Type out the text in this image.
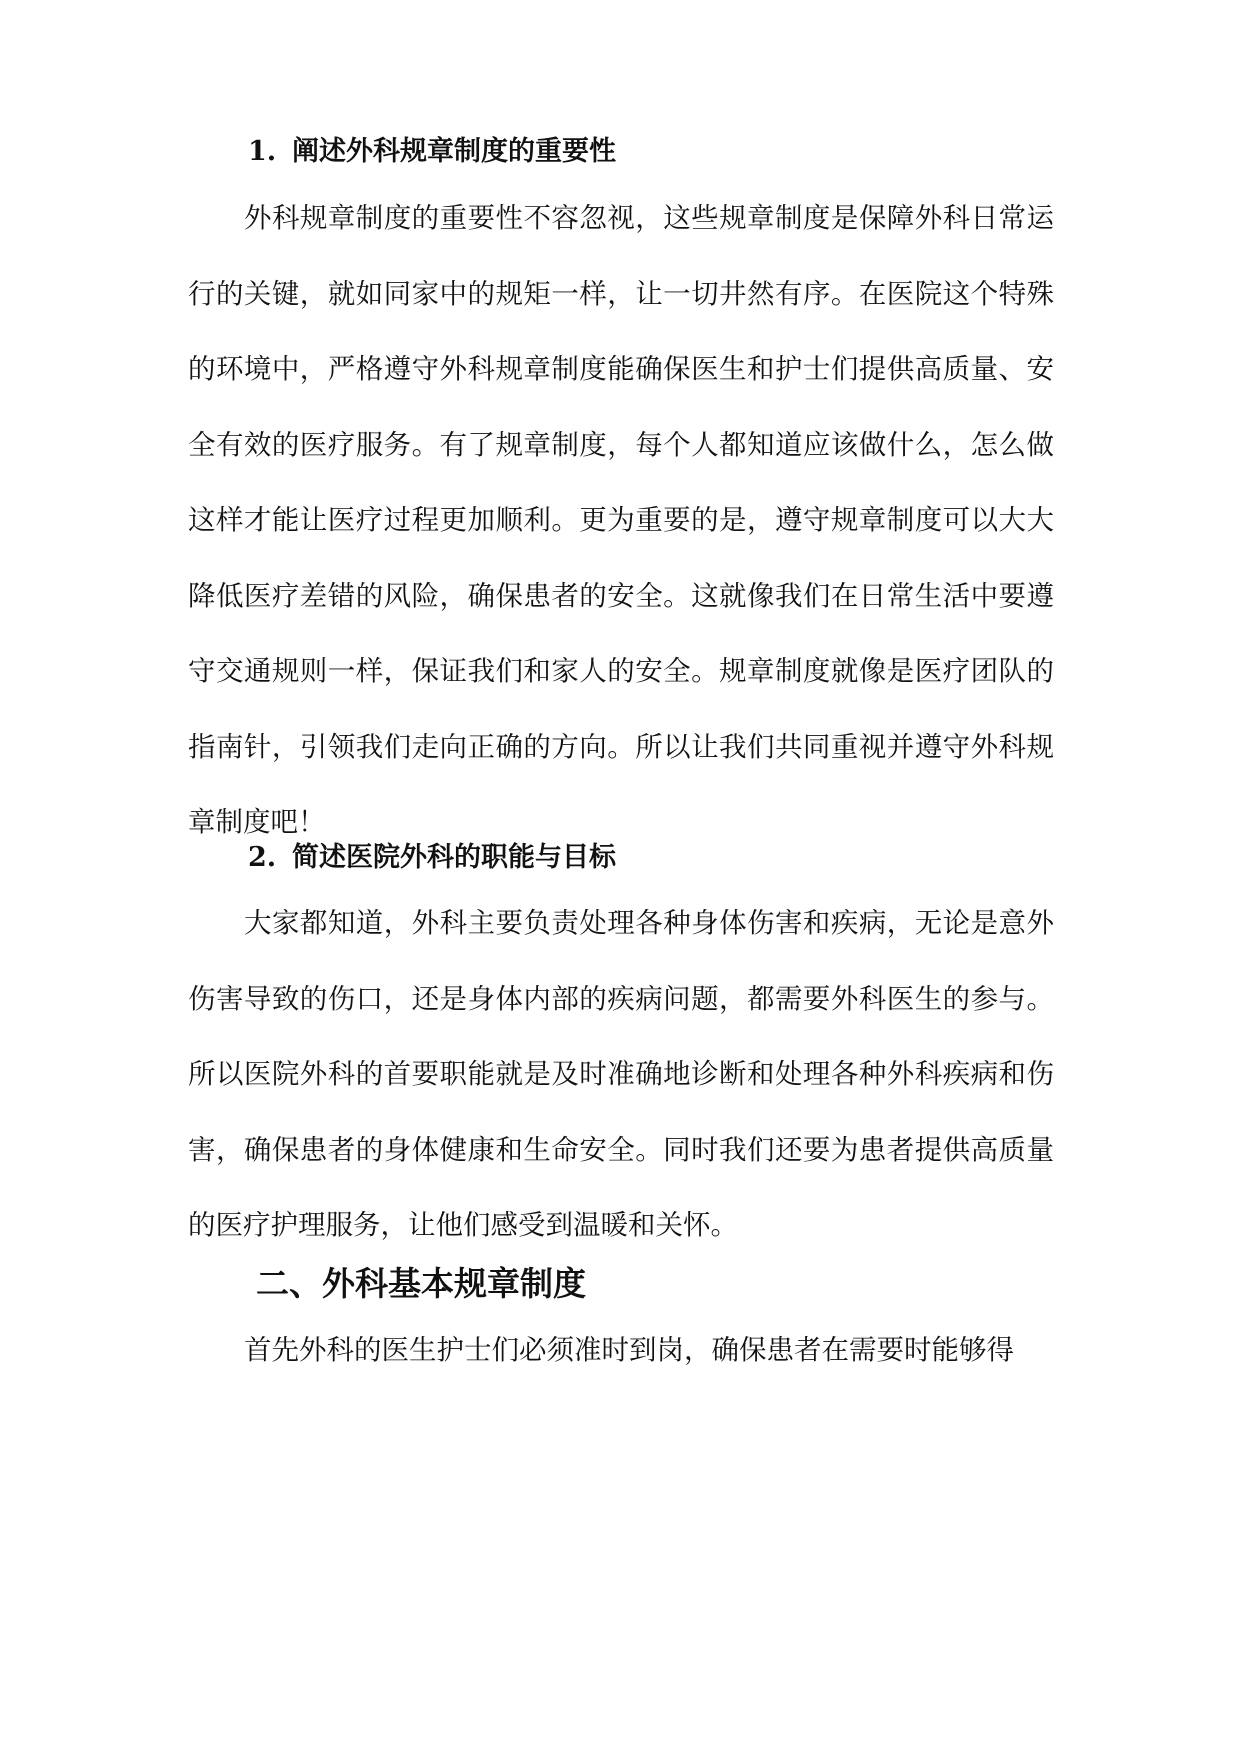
1. 阐述外科规章制度的重要性

外科规章制度的重要性不容忽视，这些规章制度是保障外科日常运行的关键，就如同家中的规矩一样，让一切井然有序。在医院这个特殊的环境中，严格遵守外科规章制度能确保医生和护士们提供高质量、安全有效的医疗服务。有了规章制度，每个人都知道应该做什么，怎么做这样才能让医疗过程更加顺利。更为重要的是，遵守规章制度可以大大降低医疗差错的风险，确保患者的安全。这就像我们在日常生活中要遵守交通规则一样，保证我们和家人的安全。规章制度就像是医疗团队的指南针，引领我们走向正确的方向。所以让我们共同重视并遵守外科规章制度吧！

2. 简述医院外科的职能与目标

大家都知道，外科主要负责处理各种身体伤害和疾病，无论是意外伤害导致的伤口，还是身体内部的疾病问题，都需要外科医生的参与。所以医院外科的首要职能就是及时准确地诊断和处理各种外科疾病和伤害，确保患者的身体健康和生命安全。同时我们还要为患者提供高质量的医疗护理服务，让他们感受到温暖和关怀。

二、外科基本规章制度

首先外科的医生护士们必须准时到岗，确保患者在需要时能够得
